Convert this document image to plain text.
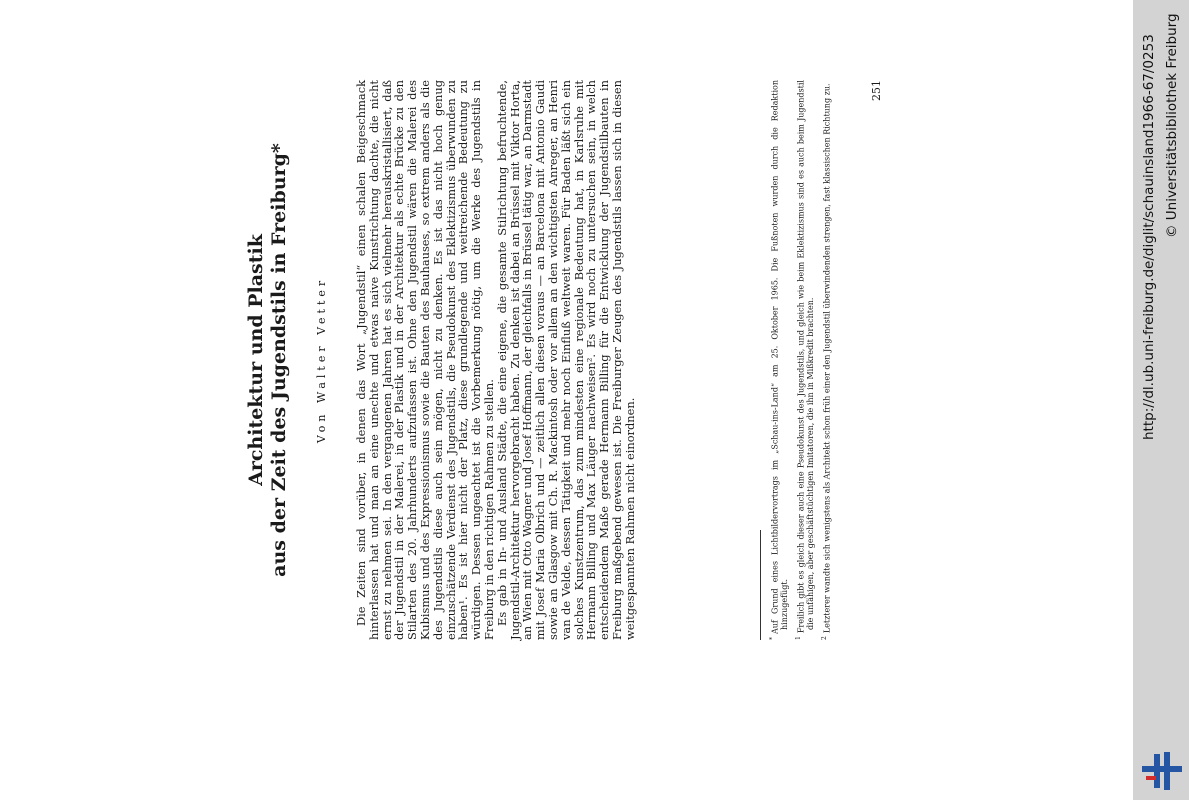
Architektur und Plastik aus der Zeit des Jugendstils in Freiburg* Von Walter Vetter Die Zeiten sind vorüber, in denen das Wort „Jugendstil“ einen schalen Beigeschmack hinterlassen hat und man an eine unechte und etwas naive Kunstrichtung dachte, die nicht ernst zu nehmen sei. In den vergangenen Jahren hat es sich vielmehr herauskristallisiert, daß der Jugendstil in der Malerei, in der Plastik und in der Architektur als echte Brücke zu den Stilarten des 20. Jahrhunderts aufzufassen ist. Ohne den Jugendstil wären die Malerei des Kubismus und des Expressionismus sowie die Bauten des Bauhauses, so extrem anders als die des Jugendstils diese auch sein mögen, nicht zu denken. Es ist das nicht hoch genug einzuschätzende Verdienst des Jugendstils, die Pseudokunst des Eklektizismus überwunden zu haben¹. Es ist hier nicht der Platz, diese grundlegende und weitreichende Bedeutung zu würdigen. Dessen ungeachtet ist die Vorbemerkung nötig, um die Werke des Jugendstils in Freiburg in den richtigen Rahmen zu stellen.

Es gab in In- und Ausland Städte, die eine eigene, die gesamte Stilrichtung befruchtende, Jugendstil-Architektur hervorgebracht haben. Zu denken ist dabei an Brüssel mit Viktor Horta, an Wien mit Otto Wagner und Josef Hoffmann, der gleichfalls in Brüssel tätig war, an Darmstadt mit Josef Maria Olbrich und — zeitlich allen diesen voraus — an Barcelona mit Antonio Gaudi sowie an Glasgow mit Ch. R. Mackintosh oder vor allem an den wichtigsten Anreger, an Henri van de Velde, dessen Tätigkeit und mehr noch Einfluß weltweit waren. Für Baden läßt sich ein solches Kunstzentrum, das zum mindesten eine regionale Bedeutung hat, in Karlsruhe mit Hermann Billing und Max Läuger nachweisen². Es wird noch zu untersuchen sein, in welch entscheidendem Maße gerade Hermann Billing für die Entwicklung der Jugendstilbauten in Freiburg maßgebend gewesen ist. Die Freiburger Zeugen des Jugendstils lassen sich in diesen weitgespannten Rahmen nicht einordnen.	*Auf Grund eines Lichtbildervortrags im „Schau-ins-Land“ am 25. Oktober 1965. Die Fußnoten wurden durch die Redaktion hinzugefügt.

$^1$Freilich gibt es gleich dieser auch eine Pseudokunst des Jugendstils, und gleich wie beim Eklektizismus sind es auch beim Jugendstil die unfähigen, aber geschäftstüchtigen Imitatoren, die ihn in Mißkredit brachten.

$^2$Letzterer wandte sich wenigstens als Architekt schon früh einer den Jugendstil überwindenden strengen, fast klassischen Richtung zu.	251	http://dl.ub.uni-freiburg.de/diglit/schauinsland1966-67/0253 © Universitätsbibliothek Freiburg
